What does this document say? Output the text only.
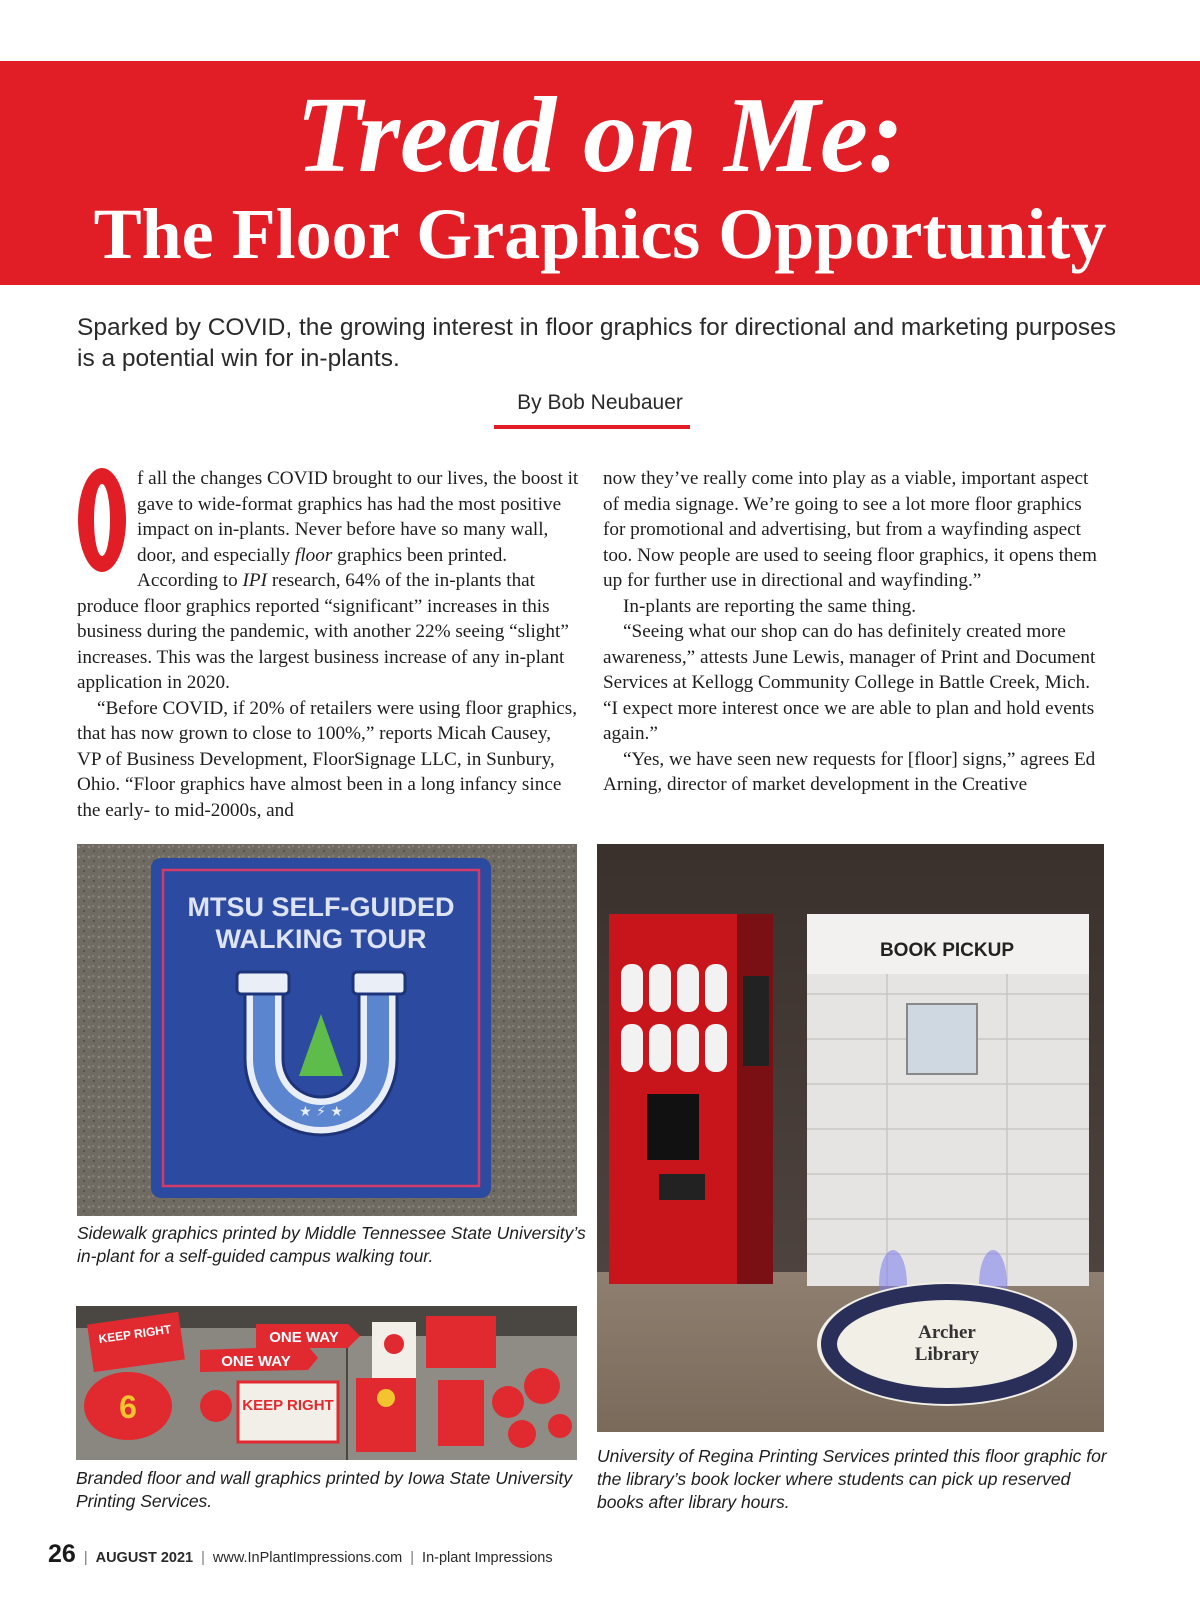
Tread on Me:
The Floor Graphics Opportunity
Sparked by COVID, the growing interest in floor graphics for directional and marketing purposes is a potential win for in-plants.
By Bob Neubauer

f all the changes COVID brought to our lives, the boost it gave to wide-format graphics has had the most positive impact on in-plants. Never before have so many wall, door, and especially floor graphics been printed. According to IPI research, 64% of the in-plants that produce floor graphics reported “significant” increases in this business during the pandemic, with another 22% seeing “slight” increases. This was the largest business increase of any in-plant application in 2020.

“Before COVID, if 20% of retailers were using floor graphics, that has now grown to close to 100%,” reports Micah Causey, VP of Business Development, FloorSignage LLC, in Sunbury, Ohio. “Floor graphics have almost been in a long infancy since the early- to mid-2000s, and

now they’ve really come into play as a viable, important aspect of media signage. We’re going to see a lot more floor graphics for promotional and advertising, but from a wayfinding aspect too. Now people are used to seeing floor graphics, it opens them up for further use in directional and wayfinding.”

In-plants are reporting the same thing.

“Seeing what our shop can do has definitely created more awareness,” attests June Lewis, manager of Print and Document Services at Kellogg Community College in Battle Creek, Mich. “I expect more interest once we are able to plan and hold events again.”

“Yes, we have seen new requests for [floor] signs,” agrees Ed Arning, director of market development in the Creative

MTSU SELF-GUIDED
WALKING TOUR
★ ⚡ ★
Sidewalk graphics printed by Middle Tennessee State University’s in-plant for a self-guided campus walking tour.
KEEP RIGHT	ONE WAY
ONE WAY
6	KEEP RIGHT
Branded floor and wall graphics printed by Iowa State University Printing Services.
BOOK PICKUP
Archer
Library
University of Regina Printing Services printed this floor graphic for the library’s book locker where students can pick up reserved books after library hours.
26 | AUGUST 2021 | www.InPlantImpressions.com | In-plant Impressions
